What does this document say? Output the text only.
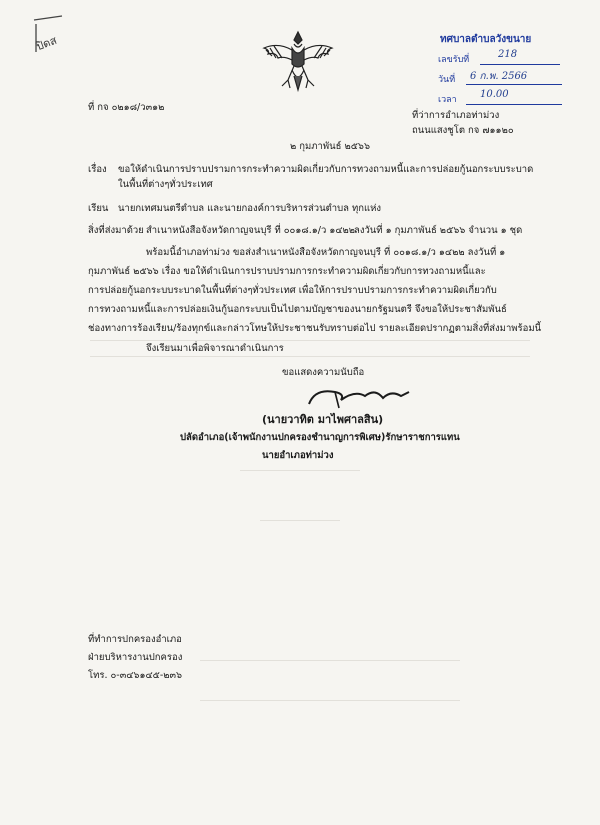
ปิดส	ทศบาลตำบลวังขนาย
เลขรับที่	218
วันที่ 6 ก.พ. 2566
เวลา 10.00
ที่ กจ ๐๒๑๘/ว๓๑๒
ที่ว่าการอำเภอท่าม่วง
ถนนแสงชูโต กจ ๗๑๑๒๐
๒ กุมภาพันธ์ ๒๕๖๖
เรื่อง ขอให้ดำเนินการปราบปรามการกระทำความผิดเกี่ยวกับการทวงถามหนี้และการปล่อยกู้นอกระบบระบาด
ในพื้นที่ต่างๆทั่วประเทศ
เรียน นายกเทศมนตรีตำบล และนายกองค์การบริหารส่วนตำบล ทุกแห่ง
สิ่งที่ส่งมาด้วย สำเนาหนังสือจังหวัดกาญจนบุรี ที่ ๐๐๑๘.๑/ว ๑๔๒๒
ลงวันที่ ๑ กุมภาพันธ์ ๒๕๖๖ จำนวน ๑ ชุด
พร้อมนี้อำเภอท่าม่วง ขอส่งสำเนาหนังสือจังหวัดกาญจนบุรี ที่ ๐๐๑๘.๑/ว ๑๔๒๒ ลงวันที่ ๑
กุมภาพันธ์ ๒๕๖๖ เรื่อง ขอให้ดำเนินการปราบปรามการกระทำความผิดเกี่ยวกับการทวงถามหนี้และ
การปล่อยกู้นอกระบบระบาดในพื้นที่ต่างๆทั่วประเทศ เพื่อให้การปราบปรามการกระทำความผิดเกี่ยวกับ
การทวงถามหนี้และการปล่อยเงินกู้นอกระบบเป็นไปตามบัญชาของนายกรัฐมนตรี จึงขอให้ประชาสัมพันธ์
ช่องทางการร้องเรียน/ร้องทุกข์และกล่าวโทษให้ประชาชนรับทราบต่อไป รายละเอียดปรากฏตามสิ่งที่ส่งมาพร้อมนี้
จึงเรียนมาเพื่อพิจารณาดำเนินการ
ขอแสดงความนับถือ
(นายวาทิต มาไพศาลสิน)
ปลัดอำเภอ(เจ้าพนักงานปกครองชำนาญการพิเศษ)รักษาราชการแทน
นายอำเภอท่าม่วง
ที่ทำการปกครองอำเภอ
ฝ่ายบริหารงานปกครอง
โทร. ๐-๓๔๖๑๔๕-๒๓๖
